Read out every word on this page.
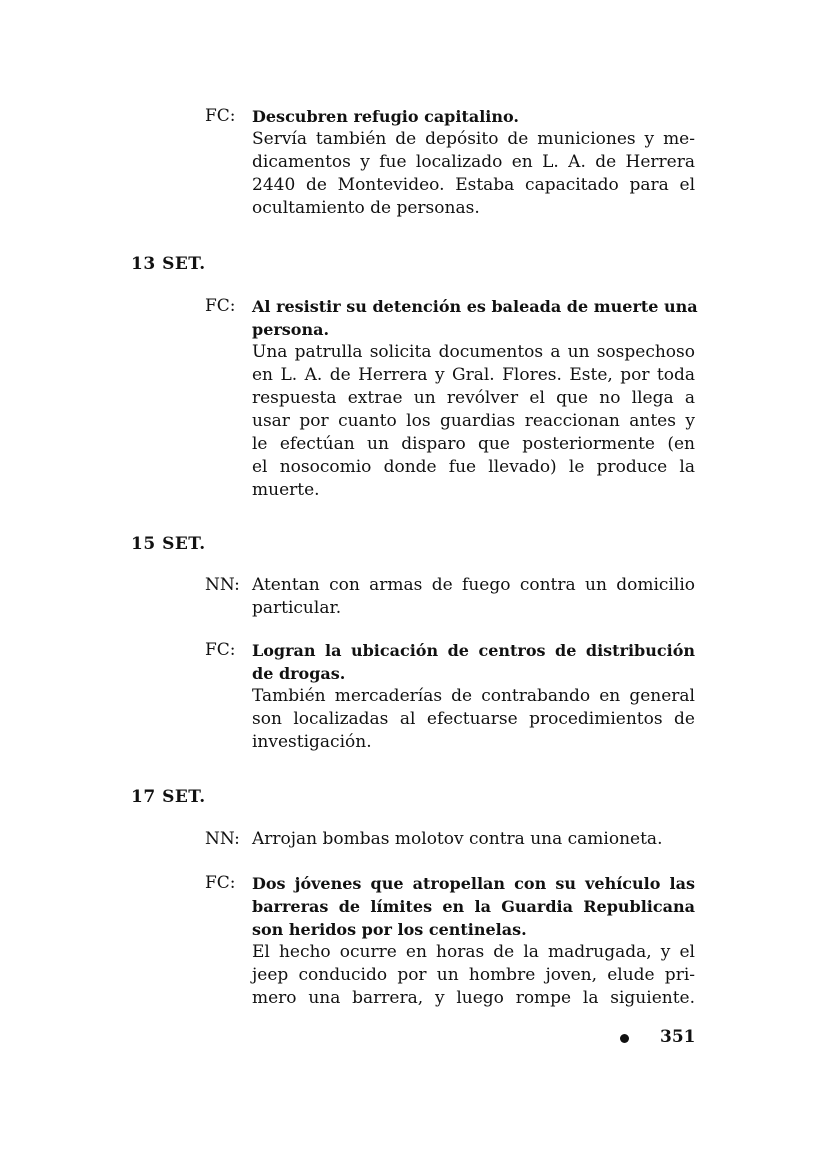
FC:	Descubren refugio capitalino.
Servía también de depósito de municiones y me-
dicamentos y fue localizado en L. A. de Herrera
2440 de Montevideo. Estaba capacitado para el
ocultamiento de personas.
13 SET.
FC:	Al resistir su detención es baleada de muerte una
persona.
Una patrulla solicita documentos a un sospechoso
en L. A. de Herrera y Gral. Flores. Este, por toda
respuesta extrae un revólver el que no llega a
usar por cuanto los guardias reaccionan antes y
le efectúan un disparo que posteriormente (en
el nosocomio donde fue llevado) le produce la
muerte.
15 SET.
NN: Atentan con armas de fuego contra un domicilio
particular.
FC:	Logran la ubicación de centros de distribución
de drogas.
También mercaderías de contrabando en general
son localizadas al efectuarse procedimientos de
investigación.
17 SET.
NN: Arrojan bombas molotov contra una camioneta.
FC:	Dos jóvenes que atropellan con su vehículo las
barreras de límites en la Guardia Republicana
son heridos por los centinelas.
El hecho ocurre en horas de la madrugada, y el
jeep conducido por un hombre joven, elude pri-
mero una barrera, y luego rompe la siguiente.
351
